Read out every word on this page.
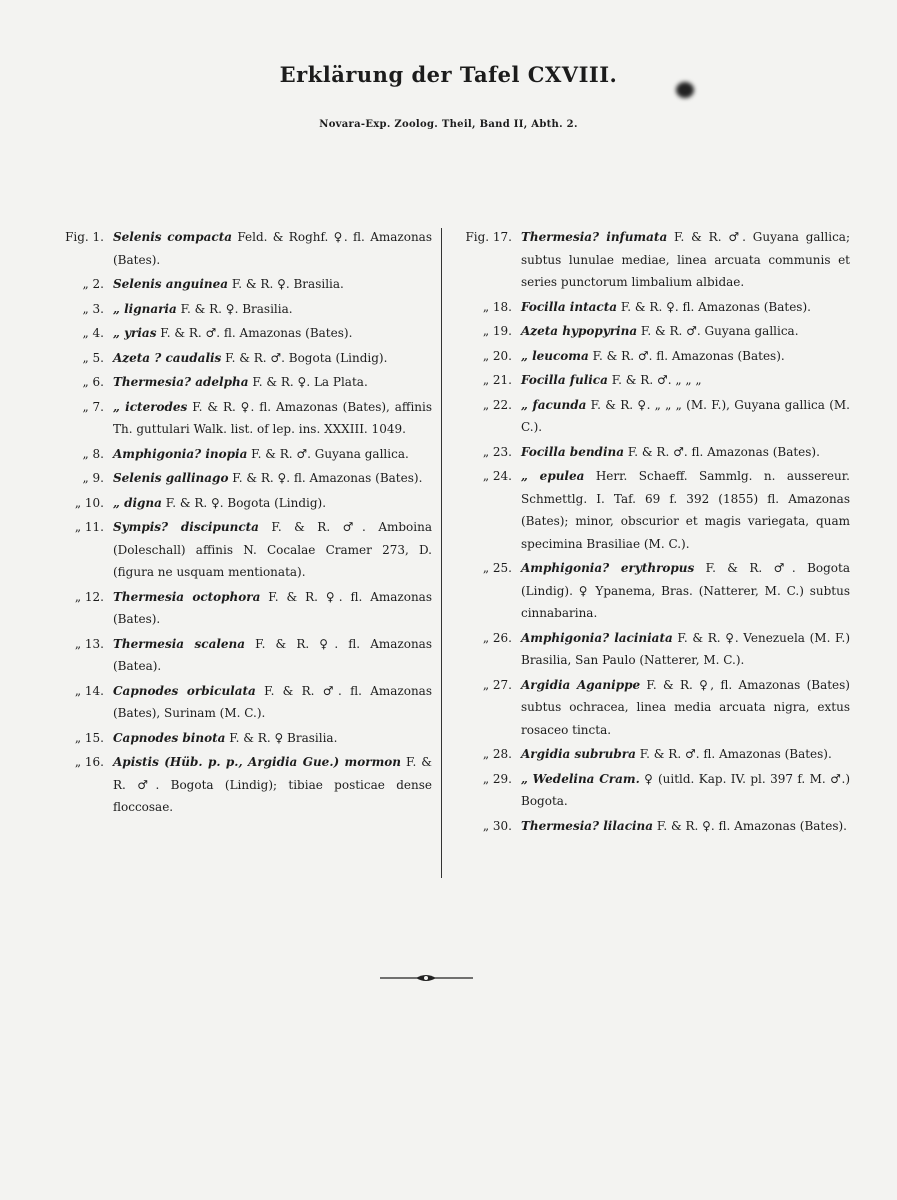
Erklärung der Tafel CXVIII.
Novara-Exp. Zoolog. Theil, Band II, Abth. 2.
Fig. 1. Selenis compacta Feld. & Roghf. ♀. fl. Amazonas (Bates).
„ 2. Selenis anguinea F. & R. ♀. Brasilia.
„ 3. „ lignaria F. & R. ♀. Brasilia.
„ 4. „ yrias F. & R. ♂. fl. Amazonas (Bates).
„ 5. Azeta ? caudalis F. & R. ♂. Bogota (Lindig).
„ 6. Thermesia? adelpha F. & R. ♀. La Plata.
„ 7. „ icterodes F. & R. ♀. fl. Amazonas (Bates), affinis Th. guttulari Walk. list. of lep. ins. XXXIII. 1049.
„ 8. Amphigonia? inopia F. & R. ♂. Guyana gallica.
„ 9. Selenis gallinago F. & R. ♀. fl. Amazonas (Bates).
„ 10. „ digna F. & R. ♀. Bogota (Lindig).
„ 11. Sympis? discipuncta F. & R. ♂. Amboina (Doleschall) affinis N. Cocalae Cramer 273, D. (figura ne usquam mentionata).
„ 12. Thermesia octophora F. & R. ♀. fl. Amazonas (Bates).
„ 13. Thermesia scalena F. & R. ♀. fl. Amazonas (Batea).
„ 14. Capnodes orbiculata F. & R. ♂. fl. Amazonas (Bates), Surinam (M. C.).
„ 15. Capnodes binota F. & R. ♀ Brasilia.
„ 16. Apistis (Hüb. p. p., Argidia Gue.) mormon F. & R. ♂. Bogota (Lindig); tibiae posticae dense floccosae.
Fig. 17. Thermesia? infumata F. & R. ♂. Guyana gallica; subtus lunulae mediae, linea arcuata communis et series punctorum limbalium albidae.
„ 18. Focilla intacta F. & R. ♀. fl. Amazonas (Bates).
„ 19. Azeta hypopyrina F. & R. ♂. Guyana gallica.
„ 20. „ leucoma F. & R. ♂. fl. Amazonas (Bates).
„ 21. Focilla fulica F. & R. ♂. „ „ „
„ 22. „ facunda F. & R. ♀. „ „ „ (M. F.), Guyana gallica (M. C.).
„ 23. Focilla bendina F. & R. ♂. fl. Amazonas (Bates).
„ 24. „ epulea Herr. Schaeff. Sammlg. n. aussereur. Schmettlg. I. Taf. 69 f. 392 (1855) fl. Amazonas (Bates); minor, obscurior et magis variegata, quam specimina Brasiliae (M. C.).
„ 25. Amphigonia? erythropus F. & R. ♂. Bogota (Lindig). ♀ Ypanema, Bras. (Natterer, M. C.) subtus cinnabarina.
„ 26. Amphigonia? laciniata F. & R. ♀. Venezuela (M. F.) Brasilia, San Paulo (Natterer, M. C.).
„ 27. Argidia Aganippe F. & R. ♀, fl. Amazonas (Bates) subtus ochracea, linea media arcuata nigra, extus rosaceo tincta.
„ 28. Argidia subrubra F. & R. ♂. fl. Amazonas (Bates).
„ 29. „ Wedelina Cram. ♀ (uitld. Kap. IV. pl. 397 f. M. ♂.) Bogota.
„ 30. Thermesia? lilacina F. & R. ♀. fl. Amazonas (Bates).
